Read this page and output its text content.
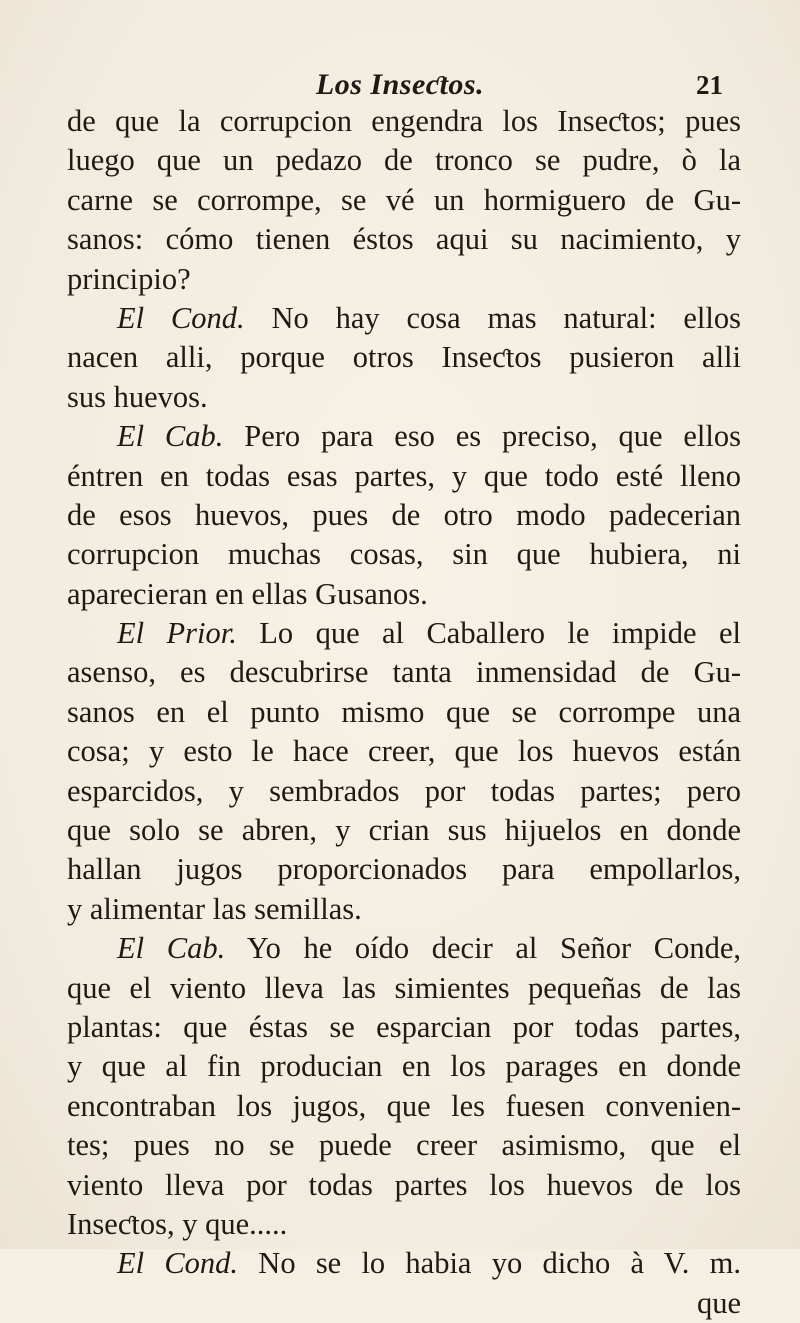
Los Inseƈtos.	21
de que la corrupcion engendra los Inseƈtos; pues
luego que un pedazo de tronco se pudre, ò la
carne se corrompe, se vé un hormiguero de Gu-
sanos: cómo tienen éstos aqui su nacimiento, y
principio?
El Cond. No hay cosa mas natural: ellos
nacen alli, porque otros Inseƈtos pusieron alli
sus huevos.
El Cab. Pero para eso es preciso, que ellos
éntren en todas esas partes, y que todo esté lleno
de esos huevos, pues de otro modo padecerian
corrupcion muchas cosas, sin que hubiera, ni
aparecieran en ellas Gusanos.
El Prior. Lo que al Caballero le impide el
asenso, es descubrirse tanta inmensidad de Gu-
sanos en el punto mismo que se corrompe una
cosa; y esto le hace creer, que los huevos están
esparcidos, y sembrados por todas partes; pero
que solo se abren, y crian sus hijuelos en donde
hallan jugos proporcionados para empollarlos,
y alimentar las semillas.
El Cab. Yo he oído decir al Señor Conde,
que el viento lleva las simientes pequeñas de las
plantas: que éstas se esparcian por todas partes,
y que al fin producian en los parages en donde
encontraban los jugos, que les fuesen convenien-
tes; pues no se puede creer asimismo, que el
viento lleva por todas partes los huevos de los
Inseƈtos, y que.....
El Cond. No se lo habia yo dicho à V. m.
que
